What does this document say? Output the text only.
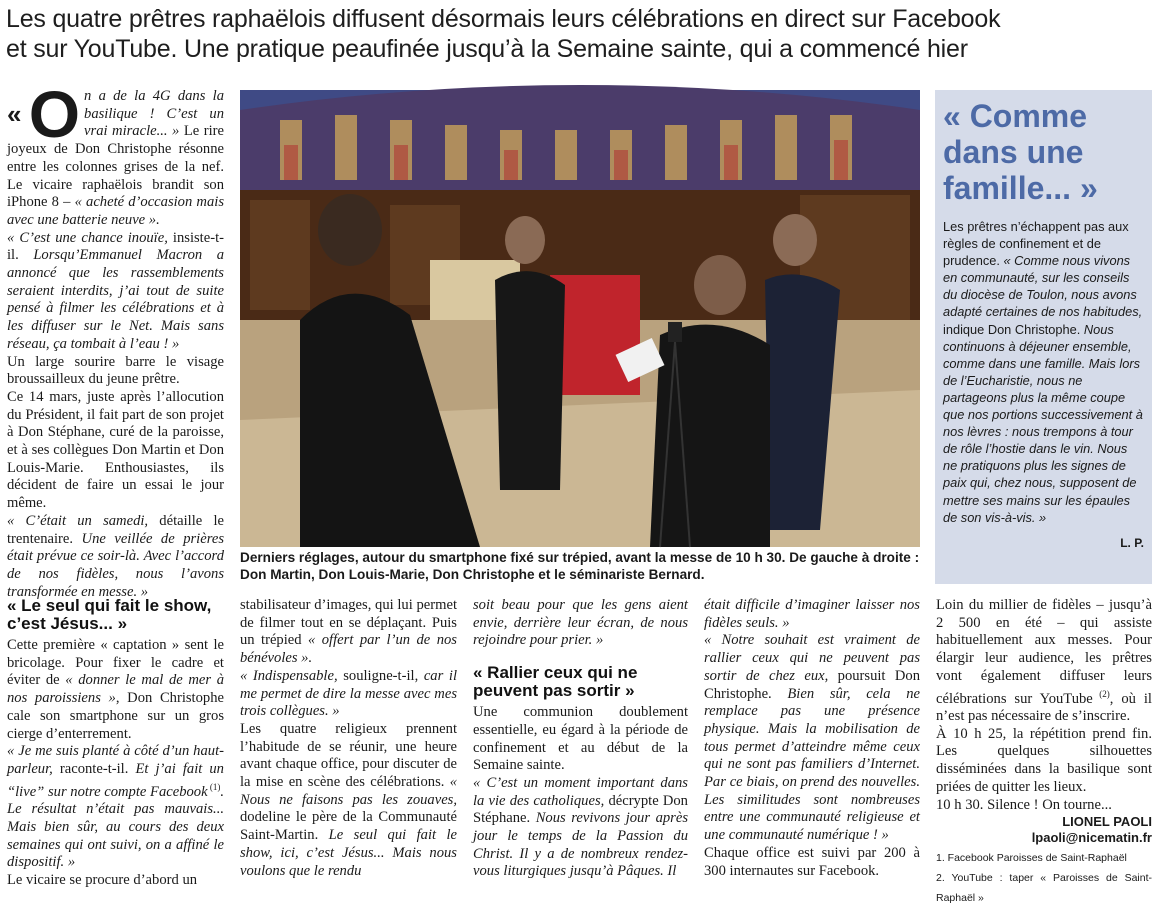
Les quatre prêtres raphaëlois diffusent désormais leurs célébrations en direct sur Facebook
et sur YouTube. Une pratique peaufinée jusqu’à la Semaine sainte, qui a commencé hier

« O n a de la 4G dans la basilique ! C’est un vrai miracle... » Le rire joyeux de Don Christophe résonne entre les colonnes grises de la nef. Le vicaire raphaëlois brandit son iPhone 8 – « acheté d’occasion mais avec une batterie neuve ».

« C’est une chance inouïe, insiste-t-il. Lorsqu’Emmanuel Macron a annoncé que les rassemblements seraient interdits, j’ai tout de suite pensé à filmer les célébrations et à les diffuser sur le Net. Mais sans réseau, ça tombait à l’eau ! »

Un large sourire barre le visage broussailleux du jeune prêtre.

Ce 14 mars, juste après l’allocution du Président, il fait part de son projet à Don Stéphane, curé de la paroisse, et à ses collègues Don Martin et Don Louis-Marie. Enthousiastes, ils décident de faire un essai le jour même.

« C’était un samedi, détaille le trentenaire. Une veillée de prières était prévue ce soir-là. Avec l’accord de nos fidèles, nous l’avons transformée en messe. »

« Le seul qui fait le show, c’est Jésus... »

Cette première « captation » sent le bricolage. Pour fixer le cadre et éviter de « donner le mal de mer à nos paroissiens », Don Christophe cale son smartphone sur un gros cierge d’enterrement.

« Je me suis planté à côté d’un haut-parleur, raconte-t-il. Et j’ai fait un “live” sur notre compte Facebook $^{(1)}$. Le résultat n’était pas mauvais... Mais bien sûr, au cours des deux semaines qui ont suivi, on a affiné le dispositif. »

Le vicaire se procure d’abord un

Derniers réglages, autour du smartphone fixé sur trépied, avant la messe de 10 h 30. De gauche à droite : Don Martin, Don Louis-Marie, Don Christophe et le séminariste Bernard.

stabilisateur d’images, qui lui permet de filmer tout en se déplaçant. Puis un trépied « offert par l’un de nos bénévoles ».

« Indispensable, souligne-t-il, car il me permet de dire la messe avec mes trois collègues. »

Les quatre religieux prennent l’habitude de se réunir, une heure avant chaque office, pour discuter de la mise en scène des célébrations. « Nous ne faisons pas les zouaves, dodeline le père de la Communauté Saint-Martin. Le seul qui fait le show, ici, c’est Jésus... Mais nous voulons que le rendu

soit beau pour que les gens aient envie, derrière leur écran, de nous rejoindre pour prier. »

« Rallier ceux qui ne peuvent pas sortir »

Une communion doublement essentielle, eu égard à la période de confinement et au début de la Semaine sainte.

« C’est un moment important dans la vie des catholiques, décrypte Don Stéphane. Nous revivons jour après jour le temps de la Passion du Christ. Il y a de nombreux rendez-vous liturgiques jusqu’à Pâques. Il

était difficile d’imaginer laisser nos fidèles seuls. »

« Notre souhait est vraiment de rallier ceux qui ne peuvent pas sortir de chez eux, poursuit Don Christophe. Bien sûr, cela ne remplace pas une présence physique. Mais la mobilisation de tous permet d’atteindre même ceux qui ne sont pas familiers d’Internet. Par ce biais, on prend des nouvelles. Les similitudes sont nombreuses entre une communauté religieuse et une communauté numérique ! »

Chaque office est suivi par 200 à 300 internautes sur Facebook.

« Comme dans une famille... »
Les prêtres n’échappent pas aux règles de confinement et de prudence. « Comme nous vivons en communauté, sur les conseils du diocèse de Toulon, nous avons adapté certaines de nos habitudes, indique Don Christophe. Nous continuons à déjeuner ensemble, comme dans une famille. Mais lors de l’Eucharistie, nous ne partageons plus la même coupe que nos portions successivement à nos lèvres : nous trempons à tour de rôle l’hostie dans le vin. Nous ne pratiquons plus les signes de paix qui, chez nous, supposent de mettre ses mains sur les épaules de son vis-à-vis. »
L. P.

Loin du millier de fidèles – jusqu’à 2 500 en été – qui assiste habituellement aux messes. Pour élargir leur audience, les prêtres vont également diffuser leurs célébrations sur YouTube $^{(2)}$, où il n’est pas nécessaire de s’inscrire.

À 10 h 25, la répétition prend fin. Les quelques silhouettes disséminées dans la basilique sont priées de quitter les lieux.

10 h 30. Silence ! On tourne...

LIONEL PAOLI
lpaoli@nicematin.fr
1. Facebook Paroisses de Saint-Raphaël
2. YouTube : taper « Paroisses de Saint-Raphaël »
